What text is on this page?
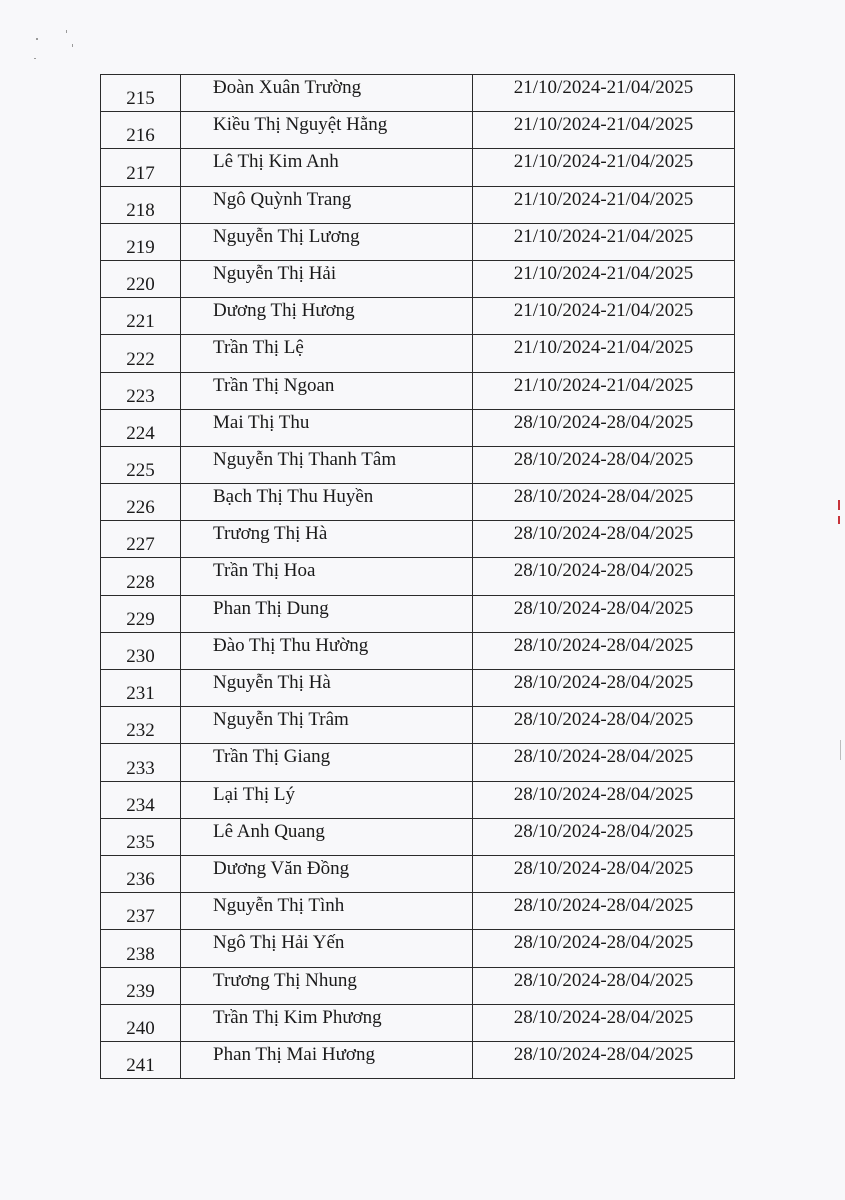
215	Đoàn Xuân Trường	21/10/2024-21/04/2025
216	Kiều Thị Nguyệt Hằng	21/10/2024-21/04/2025
217	Lê Thị Kim Anh	21/10/2024-21/04/2025
218	Ngô Quỳnh Trang	21/10/2024-21/04/2025
219	Nguyễn Thị Lương	21/10/2024-21/04/2025
220	Nguyễn Thị Hải	21/10/2024-21/04/2025
221	Dương Thị Hương	21/10/2024-21/04/2025
222	Trần Thị Lệ	21/10/2024-21/04/2025
223	Trần Thị Ngoan	21/10/2024-21/04/2025
224	Mai Thị Thu	28/10/2024-28/04/2025
225	Nguyễn Thị Thanh Tâm	28/10/2024-28/04/2025
226	Bạch Thị Thu Huyền	28/10/2024-28/04/2025
227	Trương Thị Hà	28/10/2024-28/04/2025
228	Trần Thị Hoa	28/10/2024-28/04/2025
229	Phan Thị Dung	28/10/2024-28/04/2025
230	Đào Thị Thu Hường	28/10/2024-28/04/2025
231	Nguyễn Thị Hà	28/10/2024-28/04/2025
232	Nguyễn Thị Trâm	28/10/2024-28/04/2025
233	Trần Thị Giang	28/10/2024-28/04/2025
234	Lại Thị Lý	28/10/2024-28/04/2025
235	Lê Anh Quang	28/10/2024-28/04/2025
236	Dương Văn Đồng	28/10/2024-28/04/2025
237	Nguyễn Thị Tình	28/10/2024-28/04/2025
238	Ngô Thị Hải Yến	28/10/2024-28/04/2025
239	Trương Thị Nhung	28/10/2024-28/04/2025
240	Trần Thị Kim Phương	28/10/2024-28/04/2025
241	Phan Thị Mai Hương	28/10/2024-28/04/2025
